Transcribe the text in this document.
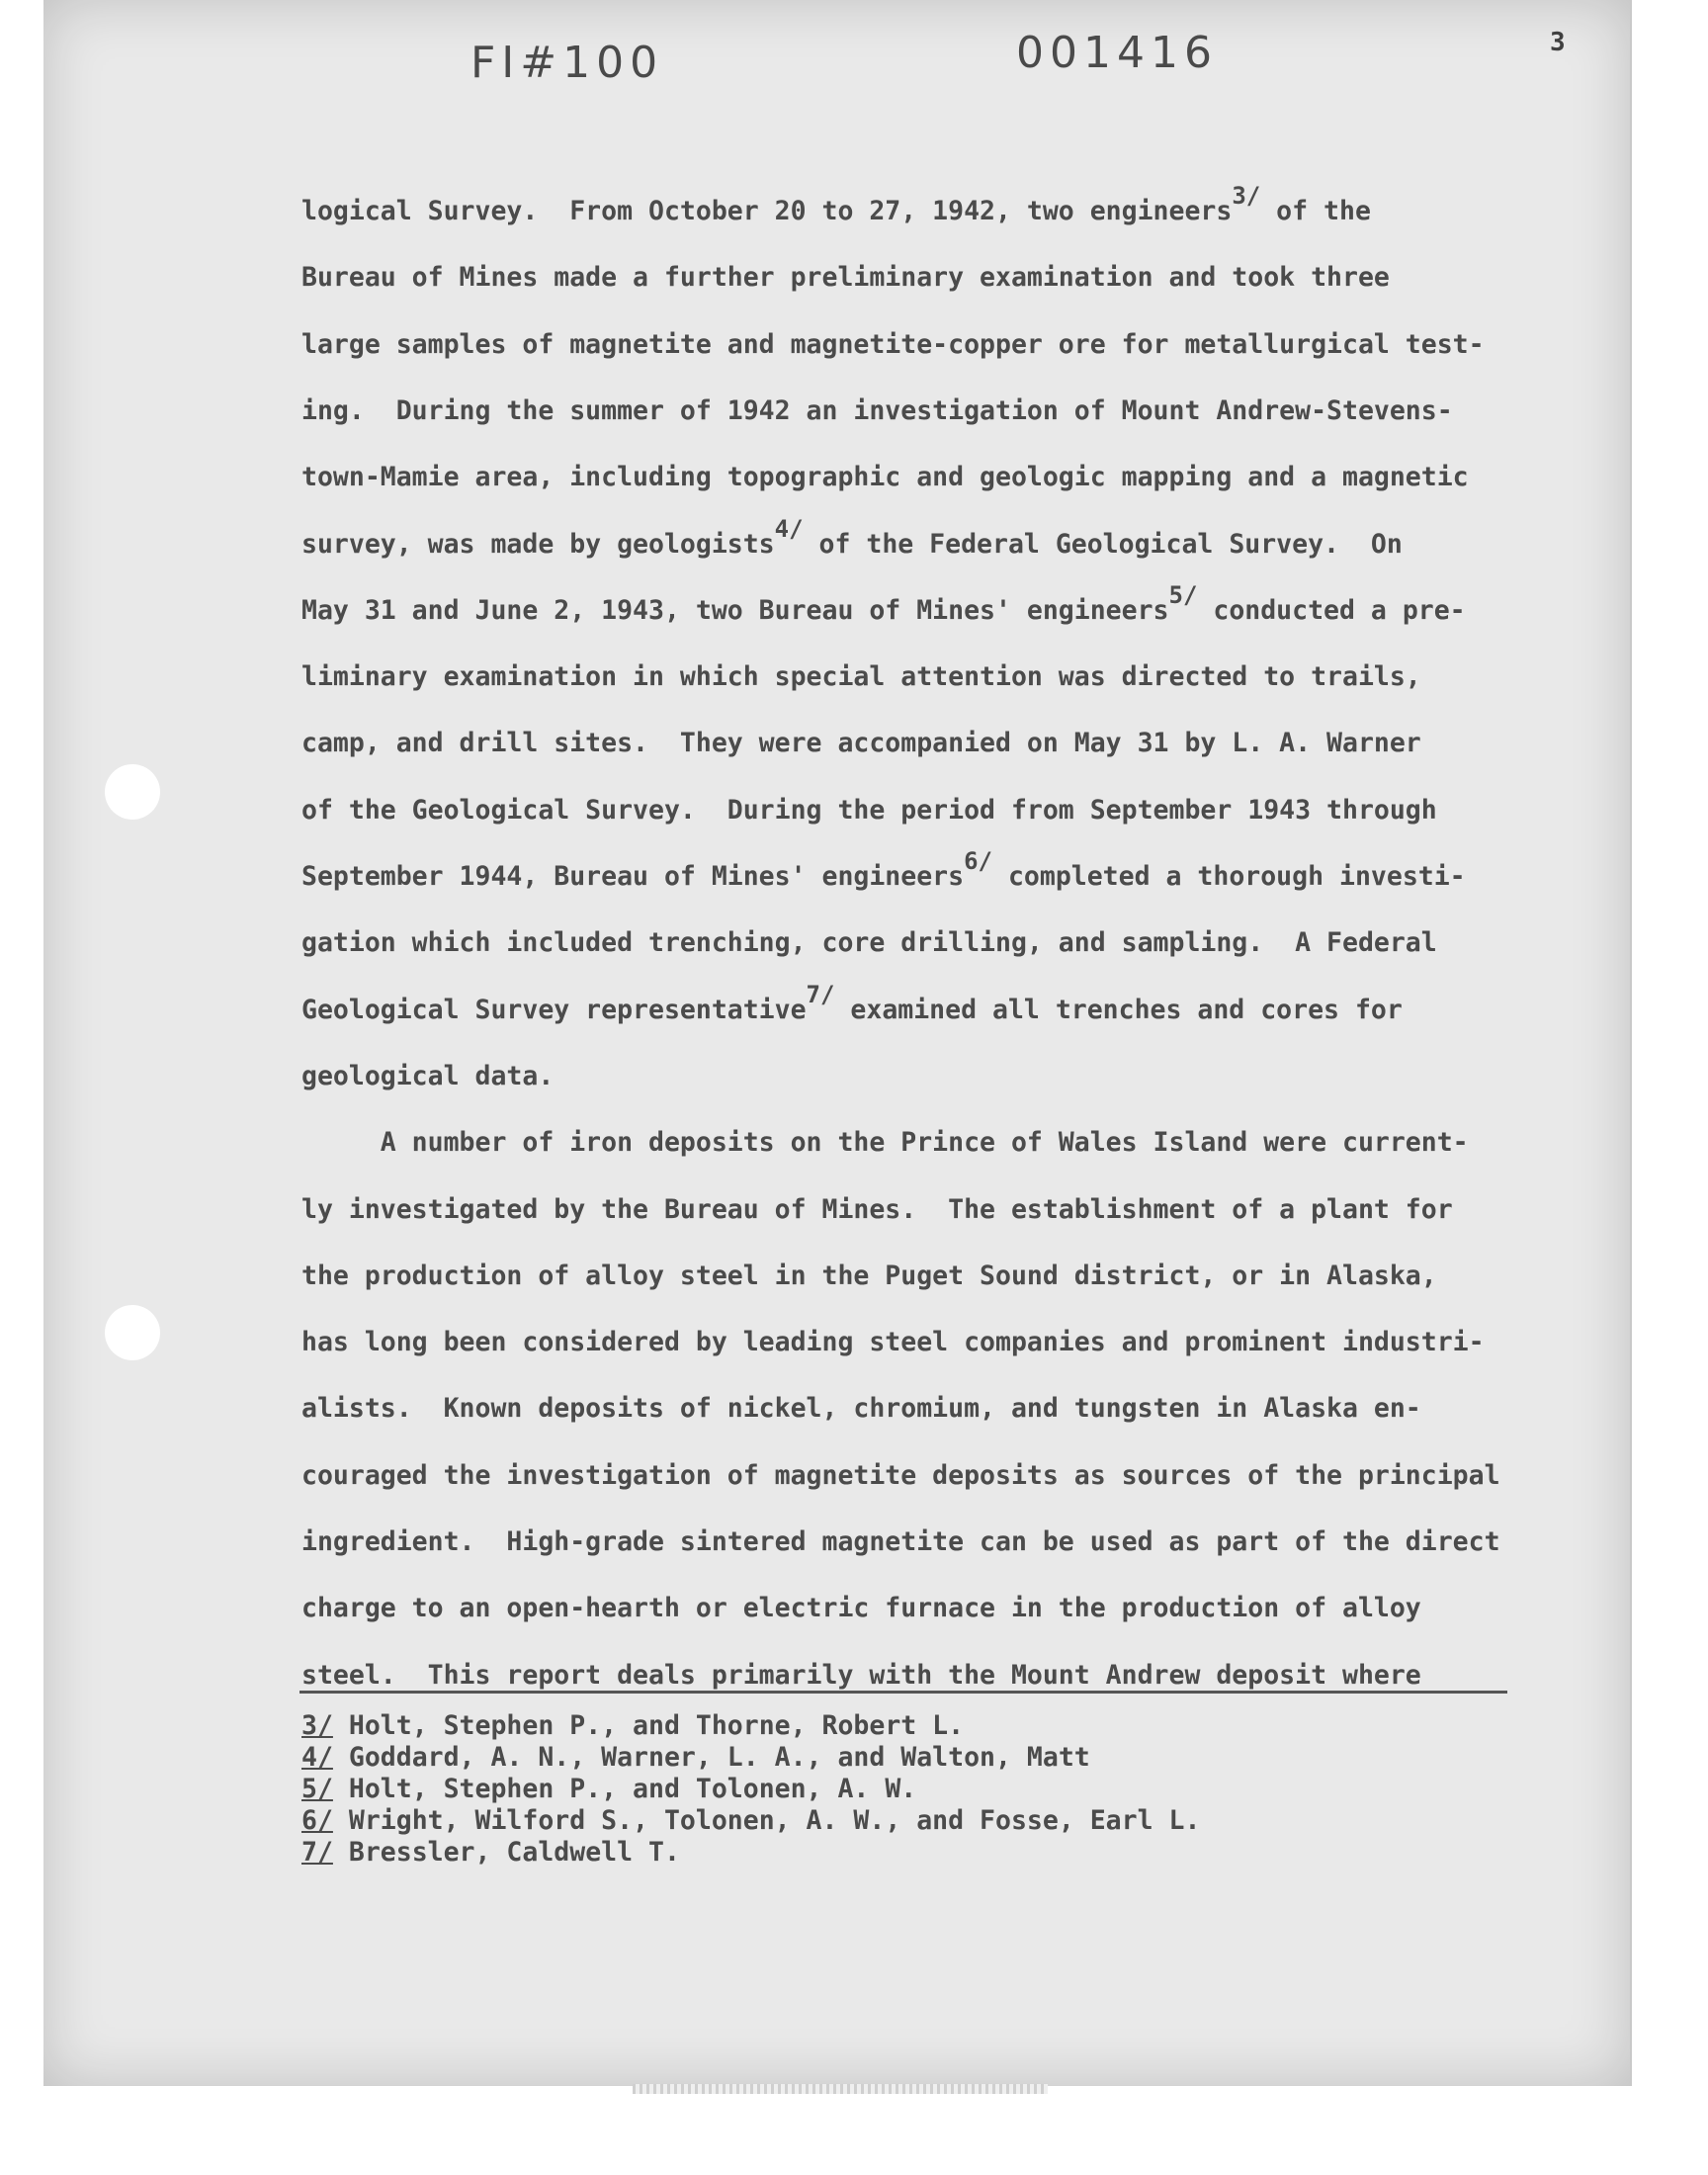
FI#100	001416	3
logical Survey.  From October 20 to 27, 1942, two engineers$^{3/}$ of the
Bureau of Mines made a further preliminary examination and took three
large samples of magnetite and magnetite-copper ore for metallurgical test-
ing.  During the summer of 1942 an investigation of Mount Andrew-Stevens-
town-Mamie area, including topographic and geologic mapping and a magnetic
survey, was made by geologists$^{4/}$ of the Federal Geological Survey.  On
May 31 and June 2, 1943, two Bureau of Mines' engineers$^{5/}$ conducted a pre-
liminary examination in which special attention was directed to trails,
camp, and drill sites.  They were accompanied on May 31 by L. A. Warner
of the Geological Survey.  During the period from September 1943 through
September 1944, Bureau of Mines' engineers$^{6/}$ completed a thorough investi-
gation which included trenching, core drilling, and sampling.  A Federal
Geological Survey representative$^{7/}$ examined all trenches and cores for
geological data.
A number of iron deposits on the Prince of Wales Island were current-
ly investigated by the Bureau of Mines.  The establishment of a plant for
the production of alloy steel in the Puget Sound district, or in Alaska,
has long been considered by leading steel companies and prominent industri-
alists.  Known deposits of nickel, chromium, and tungsten in Alaska en-
couraged the investigation of magnetite deposits as sources of the principal
ingredient.  High-grade sintered magnetite can be used as part of the direct
charge to an open-hearth or electric furnace in the production of alloy
steel.  This report deals primarily with the Mount Andrew deposit where
3/ Holt, Stephen P., and Thorne, Robert L.
4/ Goddard, A. N., Warner, L. A., and Walton, Matt
5/ Holt, Stephen P., and Tolonen, A. W.
6/ Wright, Wilford S., Tolonen, A. W., and Fosse, Earl L.
7/ Bressler, Caldwell T.
